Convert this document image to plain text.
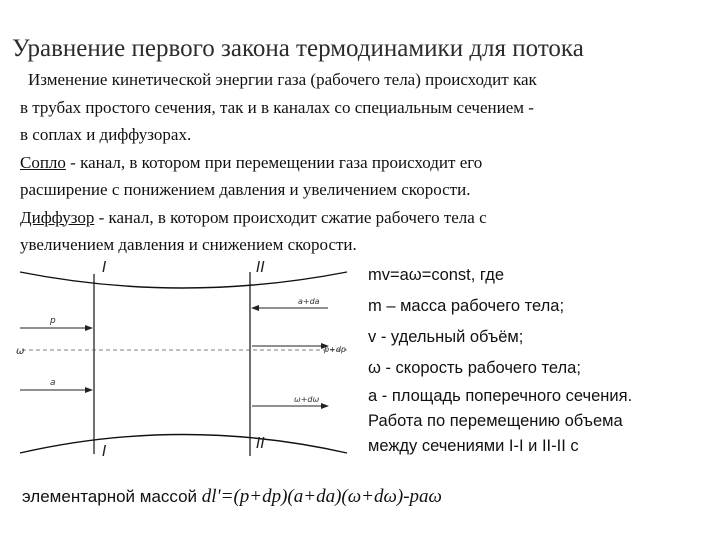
Уравнение первого закона термодинамики для потока
Изменение кинетической энергии газа (рабочего тела) происходит как
в трубах простого сечения, так и в каналах со специальным сечением -
в соплах и диффузорах.
Сопло - канал, в котором при перемещении газа происходит его
расширение с понижением давления и увеличением скорости.
Диффузор - канал, в котором происходит сжатие рабочего тела с
увеличением давления и снижением скорости.
I	II
I	II
p
ω
a
a+da
p+dp
ω+dω
mv=aω=const, где
m – масса рабочего тела;
v - удельный объём;
ω - скорость рабочего тела;
a - площадь поперечного сечения.
Работа по перемещению объема
между сечениями I-I и II-II с
элементарной массой dl'=(p+dp)(a+da)(ω+dω)-paω
